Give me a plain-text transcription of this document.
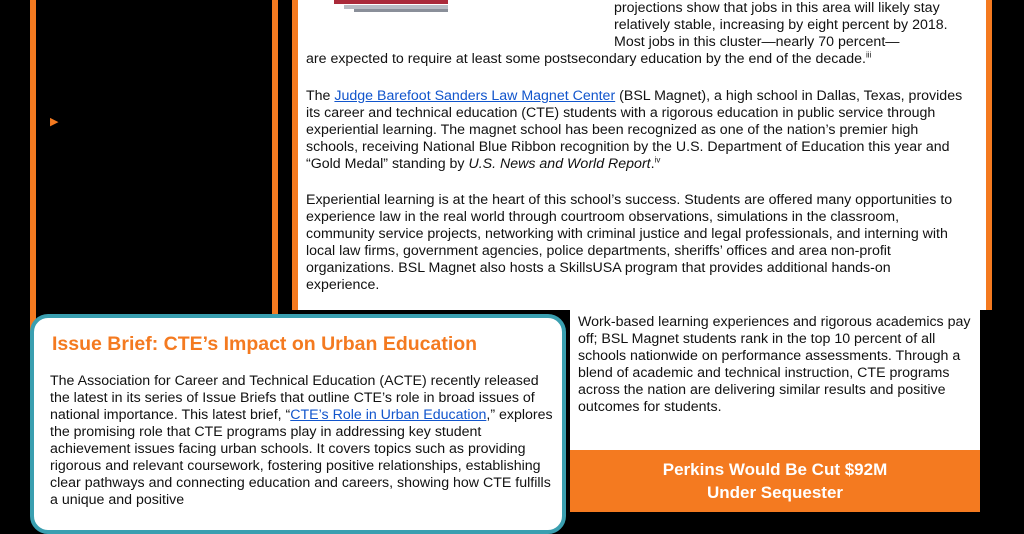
▶

projections show that jobs in this area will likely stay relatively stable, increasing by eight percent by 2018. Most jobs in this cluster—nearly 70 percent—

are expected to require at least some postsecondary education by the end of the decade.$^{iii}$

The Judge Barefoot Sanders Law Magnet Center (BSL Magnet), a high school in Dallas, Texas, provides its career and technical education (CTE) students with a rigorous education in public service through experiential learning. The magnet school has been recognized as one of the nation’s premier high schools, receiving National Blue Ribbon recognition by the U.S. Department of Education this year and “Gold Medal” standing by U.S. News and World Report.$^{iv}$

Experiential learning is at the heart of this school’s success. Students are offered many opportunities to experience law in the real world through courtroom observations, simulations in the classroom, community service projects, networking with criminal justice and legal professionals, and interning with local law firms, government agencies, police departments, sheriffs’ offices and area non-profit organizations. BSL Magnet also hosts a SkillsUSA program that provides additional hands-on experience.

Work-based learning experiences and rigorous academics pay off; BSL Magnet students rank in the top 10 percent of all schools nationwide on performance assessments. Through a blend of academic and technical instruction, CTE programs across the nation are delivering similar results and positive outcomes for students.

Issue Brief: CTE’s Impact on Urban Education

The Association for Career and Technical Education (ACTE) recently released the latest in its series of Issue Briefs that outline CTE’s role in broad issues of national importance. This latest brief, “CTE’s Role in Urban Education,” explores the promising role that CTE programs play in addressing key student achievement issues facing urban schools. It covers topics such as providing rigorous and relevant coursework, fostering positive relationships, establishing clear pathways and connecting education and careers, showing how CTE fulfills a unique and positive

Perkins Would Be Cut $92M
Under Sequester
